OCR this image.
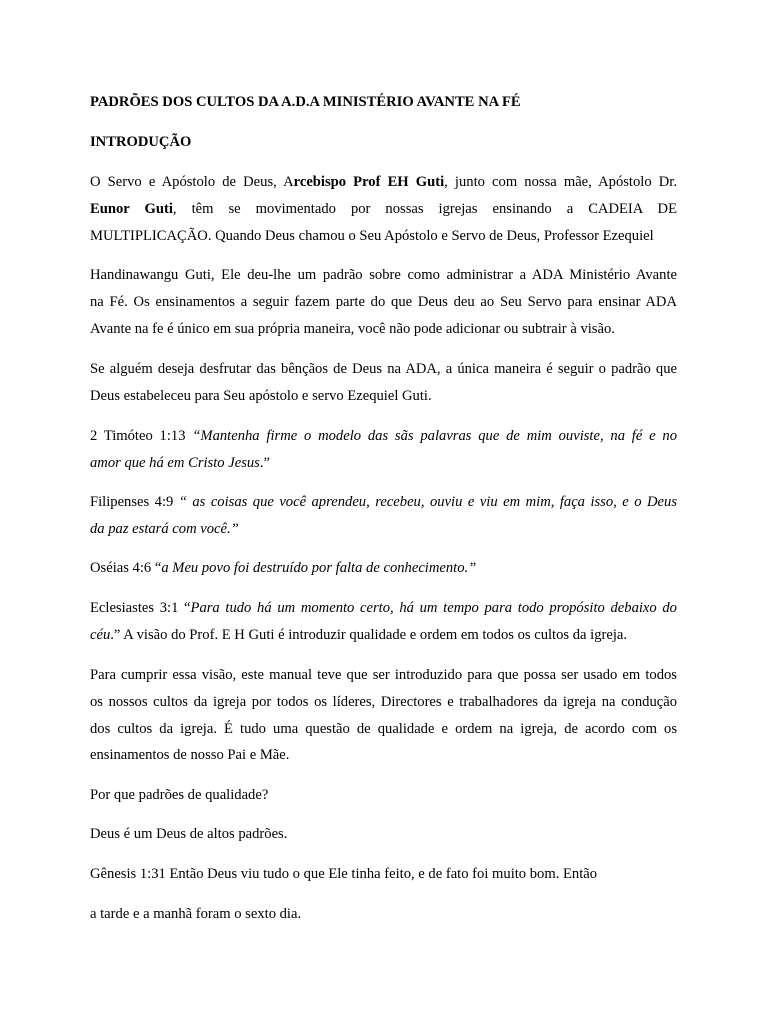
PADRÕES DOS CULTOS DA A.D.A MINISTÉRIO AVANTE NA FÉ
INTRODUÇÃO
O Servo e Apóstolo de Deus, Arcebispo Prof EH Guti, junto com nossa mãe, Apóstolo Dr.
Eunor Guti, têm se movimentado por nossas igrejas ensinando a CADEIA DE
MULTIPLICAÇÃO. Quando Deus chamou o Seu Apóstolo e Servo de Deus, Professor Ezequiel
Handinawangu Guti, Ele deu-lhe um padrão sobre como administrar a ADA Ministério Avante
na Fé. Os ensinamentos a seguir fazem parte do que Deus deu ao Seu Servo para ensinar ADA
Avante na fe é único em sua própria maneira, você não pode adicionar ou subtrair à visão.
Se alguém deseja desfrutar das bênçãos de Deus na ADA, a única maneira é seguir o padrão que
Deus estabeleceu para Seu apóstolo e servo Ezequiel Guti.
2 Timóteo 1:13 “Mantenha firme o modelo das sãs palavras que de mim ouviste, na fé e no
amor que há em Cristo Jesus.”
Filipenses 4:9 “ as coisas que você aprendeu, recebeu, ouviu e viu em mim, faça isso, e o Deus
da paz estará com você.”
Oséias 4:6 “a Meu povo foi destruído por falta de conhecimento.”
Eclesiastes 3:1 “Para tudo há um momento certo, há um tempo para todo propósito debaixo do
céu.” A visão do Prof. E H Guti é introduzir qualidade e ordem em todos os cultos da igreja.
Para cumprir essa visão, este manual teve que ser introduzido para que possa ser usado em todos
os nossos cultos da igreja por todos os líderes, Directores e trabalhadores da igreja na condução
dos cultos da igreja. É tudo uma questão de qualidade e ordem na igreja, de acordo com os
ensinamentos de nosso Pai e Mãe.
Por que padrões de qualidade?
Deus é um Deus de altos padrões.
Gênesis 1:31 Então Deus viu tudo o que Ele tinha feito, e de fato foi muito bom. Então
a tarde e a manhã foram o sexto dia.
